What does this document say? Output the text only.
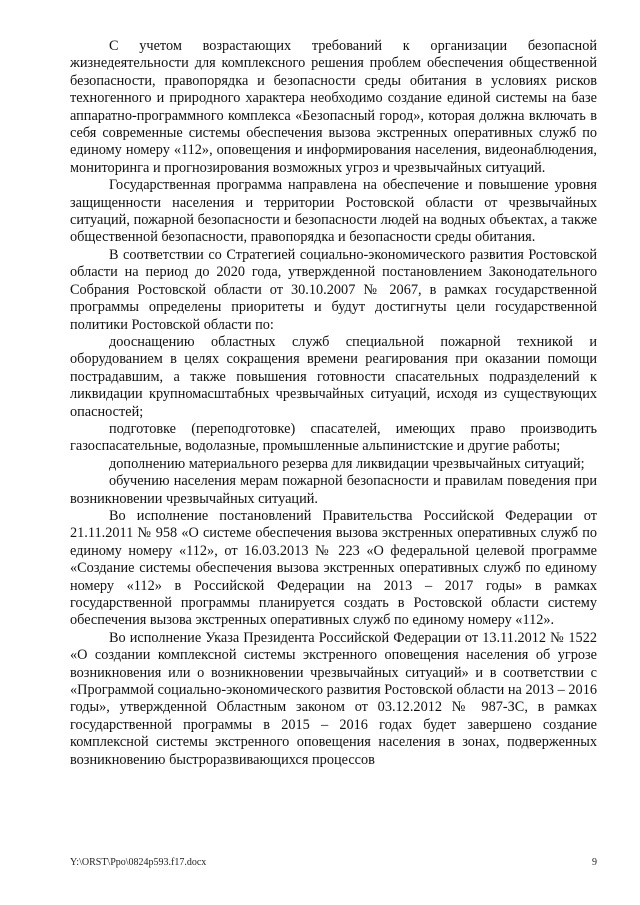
С учетом возрастающих требований к организации безопасной жизнедеятельности для комплексного решения проблем обеспечения общественной безопасности, правопорядка и безопасности среды обитания в условиях рисков техногенного и природного характера необходимо создание единой системы на базе аппаратно-программного комплекса «Безопасный город», которая должна включать в себя современные системы обеспечения вызова экстренных оперативных служб по единому номеру «112», оповещения и информирования населения, видеонаблюдения, мониторинга и прогнозирования возможных угроз и чрезвычайных ситуаций.

Государственная программа направлена на обеспечение и повышение уровня защищенности населения и территории Ростовской области от чрезвычайных ситуаций, пожарной безопасности и безопасности людей на водных объектах, а также общественной безопасности, правопорядка и безопасности среды обитания.

В соответствии со Стратегией социально-экономического развития Ростовской области на период до 2020 года, утвержденной постановлением Законодательного Собрания Ростовской области от 30.10.2007 № 2067, в рамках государственной программы определены приоритеты и будут достигнуты цели государственной политики Ростовской области по:

дооснащению областных служб специальной пожарной техникой и оборудованием в целях сокращения времени реагирования при оказании помощи пострадавшим, а также повышения готовности спасательных подразделений к ликвидации крупномасштабных чрезвычайных ситуаций, исходя из существующих опасностей;

подготовке (переподготовке) спасателей, имеющих право производить газоспасательные, водолазные, промышленные альпинистские и другие работы;

дополнению материального резерва для ликвидации чрезвычайных ситуаций;

обучению населения мерам пожарной безопасности и правилам поведения при возникновении чрезвычайных ситуаций.

Во исполнение постановлений Правительства Российской Федерации от 21.11.2011 № 958 «О системе обеспечения вызова экстренных оперативных служб по единому номеру «112», от 16.03.2013 № 223 «О федеральной целевой программе «Создание системы обеспечения вызова экстренных оперативных служб по единому номеру «112» в Российской Федерации на 2013 – 2017 годы» в рамках государственной программы планируется создать в Ростовской области систему обеспечения вызова экстренных оперативных служб по единому номеру «112».

Во исполнение Указа Президента Российской Федерации от 13.11.2012 № 1522 «О создании комплексной системы экстренного оповещения населения об угрозе возникновения или о возникновении чрезвычайных ситуаций» и в соответствии с «Программой социально-экономического развития Ростовской области на 2013 – 2016 годы», утвержденной Областным законом от 03.12.2012 № 987-ЗС, в рамках государственной программы в 2015 – 2016 годах будет завершено создание комплексной системы экстренного оповещения населения в зонах, подверженных возникновению быстроразвивающихся процессов

Y:\ORST\Ppo\0824p593.f17.docx	9
